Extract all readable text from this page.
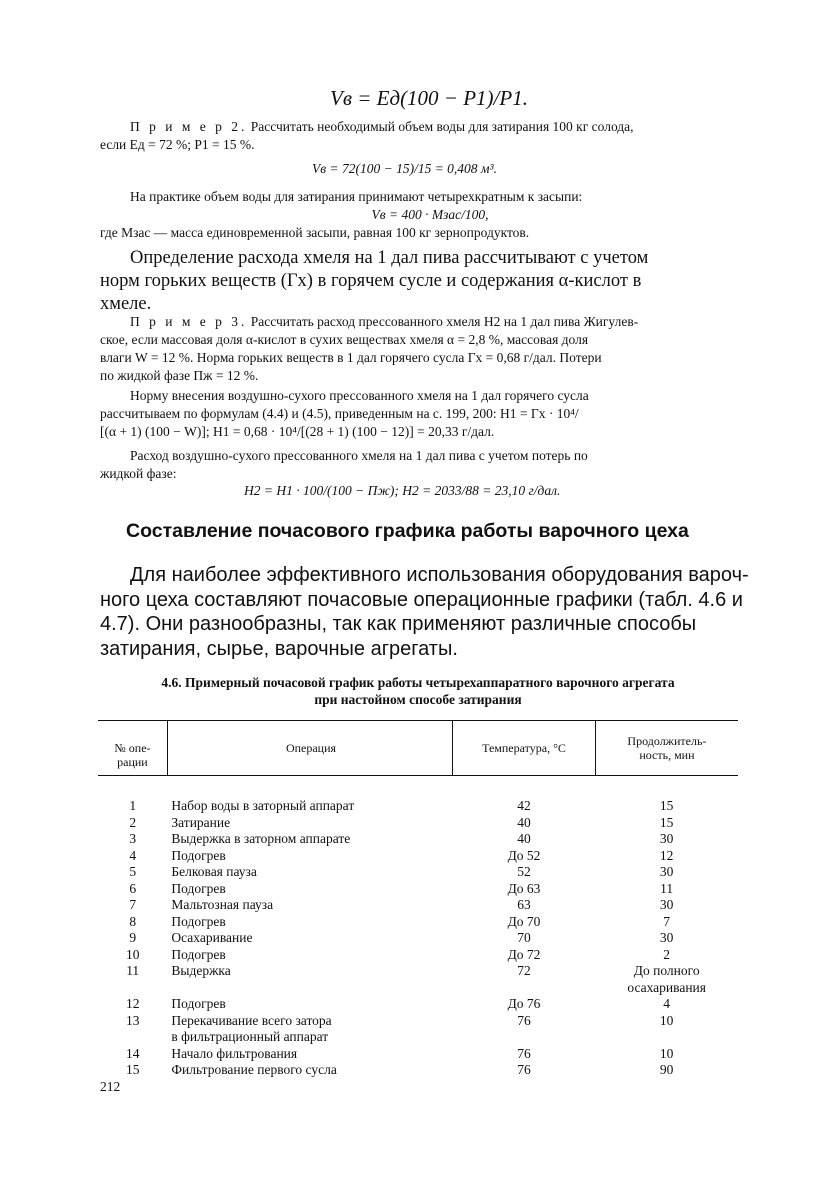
Vв = Eд(100 − P1)/P1.

П р и м е р 2. Рассчитать необходимый объем воды для затирания 100 кг солода,

если Eд = 72 %; P1 = 15 %.

Vв = 72(100 − 15)/15 = 0,408 м³.

На практике объем воды для затирания принимают четырехкратным к засыпи:

Vв = 400 · Mзас/100,

где Mзас — масса единовременной засыпи, равная 100 кг зернопродуктов.

Определение расхода хмеля на 1 дал пива рассчитывают с учетом
норм горьких веществ (Гх) в горячем сусле и содержания α-кислот в
хмеле.

П р и м е р 3. Рассчитать расход прессованного хмеля H2 на 1 дал пива Жигулев-

ское, если массовая доля α-кислот в сухих веществах хмеля α = 2,8 %, массовая доля

влаги W = 12 %. Норма горьких веществ в 1 дал горячего сусла Гх = 0,68 г/дал. Потери

по жидкой фазе Пж = 12 %.

Норму внесения воздушно-сухого прессованного хмеля на 1 дал горячего сусла

рассчитываем по формулам (4.4) и (4.5), приведенным на с. 199, 200: H1 = Гх · 10⁴/

[(α + 1) (100 − W)]; H1 = 0,68 · 10⁴/[(28 + 1) (100 − 12)] = 20,33 г/дал.

Расход воздушно-сухого прессованного хмеля на 1 дал пива с учетом потерь по

жидкой фазе:

H2 = H1 · 100/(100 − Пж); H2 = 2033/88 = 23,10 г/дал.
Составление почасового графика работы варочного цеха
Для наиболее эффективного использования оборудования вароч-
ного цеха составляют почасовые операционные графики (табл. 4.6 и
4.7). Они разнообразны, так как применяют различные способы
затирания, сырье, варочные агрегаты.
4.6. Примерный почасовой график работы четырехаппаратного варочного агрегата
при настойном способе затирания

№ опе-
рации	Операция	Температура, °С	Продолжитель-
ность, мин

1	Набор воды в заторный аппарат	42	15
2	Затирание	40	15
3	Выдержка в заторном аппарате	40	30
4	Подогрев	До 52	12
5	Белковая пауза	52	30
6	Подогрев	До 63	11
7	Мальтозная пауза	63	30
8	Подогрев	До 70	7
9	Осахаривание	70	30
10	Подогрев	До 72	2
11	Выдержка	72	До полного
осахаривания
12	Подогрев	До 76	4
13	Перекачивание всего затора
в фильтрационный аппарат	76	10
14	Начало фильтрования	76	10
15	Фильтрование первого сусла	76	90
212
